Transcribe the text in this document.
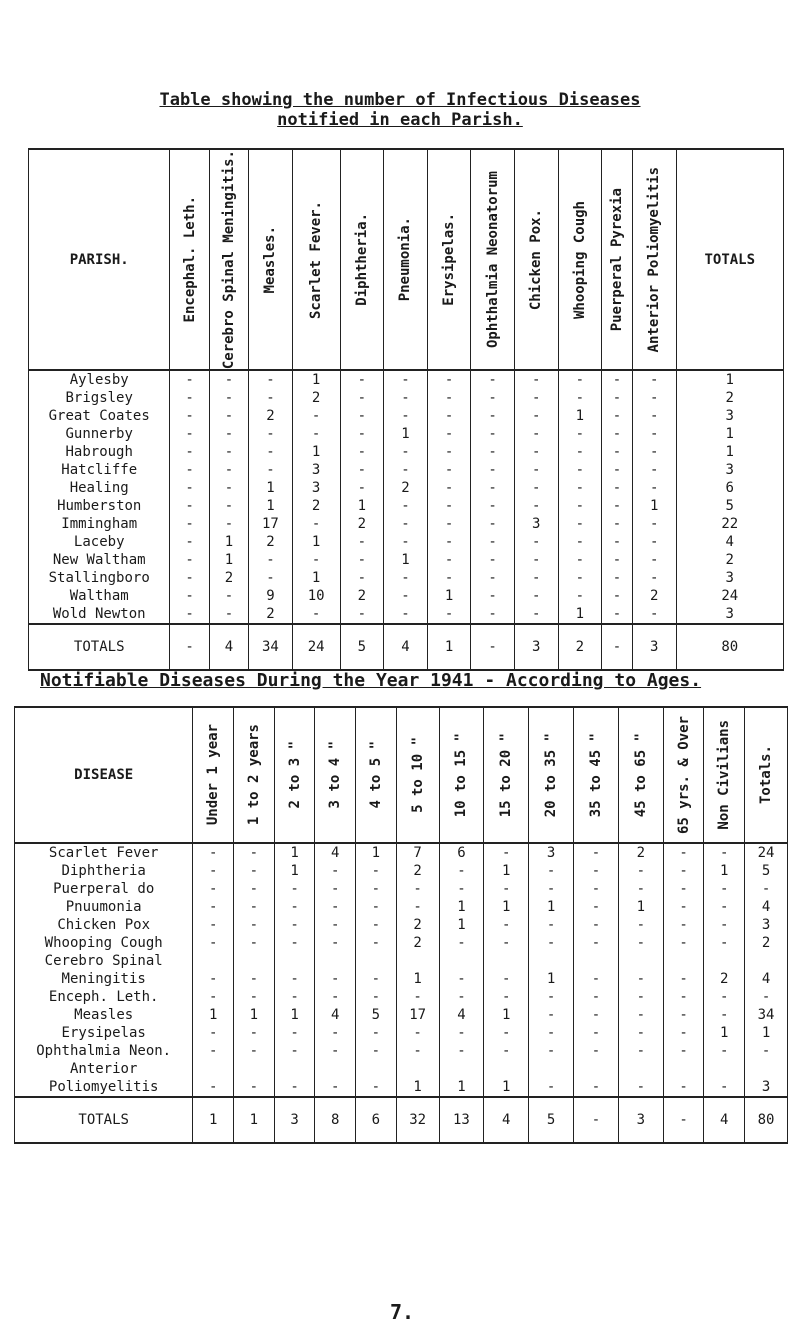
Table showing the number of Infectious Diseases
notified in each Parish.
PARISH.	Encephal. Leth.	Cerebro Spinal Meningitis.	Measles.	Scarlet Fever.	Diphtheria.	Pneumonia.	Erysipelas.	Ophthalmia Neonatorum	Chicken Pox.	Whooping Cough	Puerperal Pyrexia	Anterior Poliomyelitis	TOTALS
Aylesby	-	-	-	1	-	-	-	-	-	-	-	-	1
Brigsley	-	-	-	2	-	-	-	-	-	-	-	-	2
Great Coates	-	-	2	-	-	-	-	-	-	1	-	-	3
Gunnerby	-	-	-	-	-	1	-	-	-	-	-	-	1
Habrough	-	-	-	1	-	-	-	-	-	-	-	-	1
Hatcliffe	-	-	-	3	-	-	-	-	-	-	-	-	3
Healing	-	-	1	3	-	2	-	-	-	-	-	-	6
Humberston	-	-	1	2	1	-	-	-	-	-	-	1	5
Immingham	-	-	17	-	2	-	-	-	3	-	-	-	22
Laceby	-	1	2	1	-	-	-	-	-	-	-	-	4
New Waltham	-	1	-	-	-	1	-	-	-	-	-	-	2
Stallingboro	-	2	-	1	-	-	-	-	-	-	-	-	3
Waltham	-	-	9	10	2	-	1	-	-	-	-	2	24
Wold Newton	-	-	2	-	-	-	-	-	-	1	-	-	3
TOTALS	-	4	34	24	5	4	1	-	3	2	-	3	80
Notifiable Diseases During the Year 1941 - According to Ages.
DISEASE	Under 1 year	1 to 2 years	2 to 3 "	3 to 4 "	4 to 5 "	5 to 10 "	10 to 15 "	15 to 20 "	20 to 35 "	35 to 45 "	45 to 65 "	65 yrs. & Over	Non Civilians	Totals.

Scarlet Fever	-	-	1	4	1	7	6	-	3	-	2	-	-	24
Diphtheria	-	-	1	-	-	2	-	1	-	-	-	-	1	5
Puerperal do	-	-	-	-	-	-	-	-	-	-	-	-	-	-
Pnuumonia	-	-	-	-	-	-	1	1	1	-	1	-	-	4
Chicken Pox	-	-	-	-	-	2	1	-	-	-	-	-	-	3
Whooping Cough	-	-	-	-	-	2	-	-	-	-	-	-	-	2
Cerebro Spinal														
Meningitis	-	-	-	-	-	1	-	-	1	-	-	-	2	4
Enceph. Leth.	-	-	-	-	-	-	-	-	-	-	-	-	-	-
Measles	1	1	1	4	5	17	4	1	-	-	-	-	-	34
Erysipelas	-	-	-	-	-	-	-	-	-	-	-	-	1	1
Ophthalmia Neon.	-	-	-	-	-	-	-	-	-	-	-	-	-	-
Anterior														
Poliomyelitis	-	-	-	-	-	1	1	1	-	-	-	-	-	3
TOTALS	1	1	3	8	6	32	13	4	5	-	3	-	4	80
7.
